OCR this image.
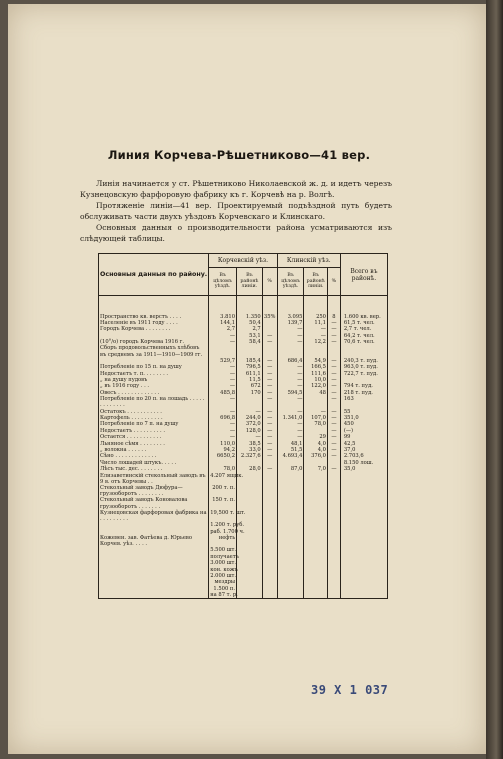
Линия Корчева-Рѣшетниково—41 вер.
Линія начинается у ст. Рѣшетниково Николаевской ж. д. и идетъ черезъ Кузнецовскую фарфоровую фабрику къ г. Корчевѣ на р. Волгѣ.
Протяженіе линіи—41 вер. Проектируемый подъѣздной путь будетъ обслуживать части двухъ уѣздовъ Корчевскаго и Клинскаго.
Основныя данныя о производительности района усматриваются изъ слѣдующей таблицы.
Основныя данныя по району.	Корчевскій уѣз.			Клинскій уѣз.			Всего въ районѣ.
	Въ цѣломъ уѣздѣ.	Въ районѣ линіи.	%	Въ цѣломъ уѣздѣ.	Въ районѣ линіи.	%	

Пространство кв. верстъ . . . .	3.810	1.350	35%	3.095	250	8	1.600 кв. вер.
Населеніе въ 1911 году . . . .	144,1	50,4		139,7	11,1	—	61,5 т. чел.
Городъ Корчева . . . . . . . .	2,7	2,7		—	—	—	2,7 т. чел.
	—	53,1	—	—	—	—	64,2 т. чел.
(10°/о) городъ Корчева 1916 г.	—	58,4	—	—	12,2	—	70,6 т. чел.
Сборъ продовольственныхъ хлѣбовъ въ среднемъ за 1911—1910—1909 гг.							
	529,7	185,4	—	686,4	54,9	—	240,3 т. пуд.
Потребленіе по 15 п. на душу	—	796,5	—	—	166,5	—	963,0 т. пуд.
Недостаетъ т. п. . . . . . . .	—	611,1	—	—	111,6	—	722,7 т. пуд.
„ на душу пудовъ	—	11,5	—	—	10,0	—	
„ въ 1916 году . . .	—	672	—	—	122,0	—	794 т. пуд.
Овесъ . . . . . . . . . . . . .	485,8	170	—	594,5	48	—	218 т. пуд.
Потребленіе по 20 п. на лошадь . . . . . . . . . . . . .	—		—	—		—	163
Остатокъ . . . . . . . . . . .	—	—	—	—	—	—	55
Картофель . . . . . . . . . .	696,8	244,0	—	1.341,0	107,0	—	351,0
Потребленіе по 7 п. на душу	—	372,0	—	—	78,0	—	450
Недостаетъ . . . . . . . . . .	—	128,0	—	—		—	(—)
Остается . . . . . . . . . . .	—	—	—	—	29	—	99
Льняное сѣмя . . . . . . . .	110,0	38,5	—	48,1	4,0	—	42,5
„ волокна . . . . . .	94,2	33,0	—	51,5	4,0	—	37,0
Сѣно . . . . . . . . . . . . .	6650,2	2.327,6	—	4.693,4	376,0	—	2.703,6
Число лошадей штукъ. . . . .							8.150 лош.
Лѣсъ тыс. дес. . . . . . . .	78,0	28,0	—	87,0	7,0	—	35,0
Елизаветинскій стекольный заводъ въ 9 в. отъ Корчевы . .	4.207 ящик.						
Стекольный заводъ Дюфура—грузооборотъ . . . . . . . .	200 т. п.						
Стекольный заводъ Коновалова грузооборотъ . . . . . . .	150 т. п.						
Кузнецовская фарфоровая фабрика на . . . . . . . . .	19,500 т. шт.						
	1.200 т. руб.						
	раб. 1.700 ч.						
Кожевен. зав. Фатѣева д. Юрьево Корчев. уѣз. . . . .	нефть						
	5.500 шт.						
	получаетъ						
	3.000 шт.						
	кон. кожъ						
	2.000 шт.						
	мездры						
	1.500 п.						
	на 87 т. р.						
39 X 1 037
